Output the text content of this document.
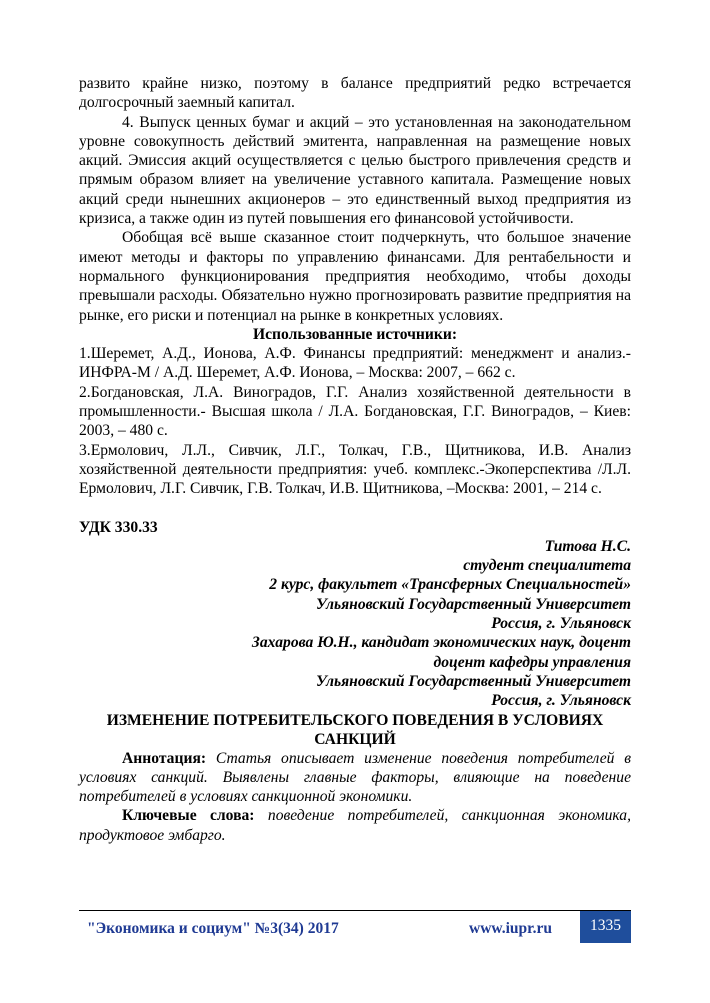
развито крайне низко, поэтому в балансе предприятий редко встречается

долгосрочный заемный капитал.

4. Выпуск ценных бумаг и акций – это установленная на законодательном уровне совокупность действий эмитента, направленная на размещение новых акций. Эмиссия акций осуществляется с целью быстрого привлечения средств и прямым образом влияет на увеличение уставного капитала. Размещение новых акций среди нынешних акционеров – это единственный выход предприятия из кризиса, а также один из путей повышения его финансовой устойчивости.

Обобщая всё выше сказанное стоит подчеркнуть, что большое значение имеют методы и факторы по управлению финансами. Для рентабельности и нормального функционирования предприятия необходимо, чтобы доходы превышали расходы. Обязательно нужно прогнозировать развитие предприятия на рынке, его риски и потенциал на рынке в конкретных условиях.

Использованные источники:

1.Шеремет, А.Д., Ионова, А.Ф. Финансы предприятий: менеджмент и анализ.- ИНФРА-М / А.Д. Шеремет, А.Ф. Ионова, – Москва: 2007, – 662 с.

2.Богдановская, Л.А. Виноградов, Г.Г. Анализ хозяйственной деятельности в промышленности.- Высшая школа / Л.А. Богдановская, Г.Г. Виноградов, – Киев: 2003, – 480 с.

3.Ермолович, Л.Л., Сивчик, Л.Г., Толкач, Г.В., Щитникова, И.В. Анализ хозяйственной деятельности предприятия: учеб. комплекс.-Экоперспектива /Л.Л. Ермолович, Л.Г. Сивчик, Г.В. Толкач, И.В. Щитникова, –Москва: 2001, – 214 с.

УДК 330.33

Титова Н.С.

студент специалитета

2 курс, факультет «Трансферных Специальностей»

Ульяновский Государственный Университет

Россия, г. Ульяновск

Захарова Ю.Н., кандидат экономических наук, доцент

доцент кафедры управления

Ульяновский Государственный Университет

Россия, г. Ульяновск

ИЗМЕНЕНИЕ ПОТРЕБИТЕЛЬСКОГО ПОВЕДЕНИЯ В УСЛОВИЯХ

САНКЦИЙ

Аннотация: Статья описывает изменение поведения потребителей в условиях санкций. Выявлены главные факторы, влияющие на поведение потребителей в условиях санкционной экономики.

Ключевые слова: поведение потребителей, санкционная экономика, продуктовое эмбарго.

"Экономика и социум" №3(34) 2017	www.iupr.ru	1335
